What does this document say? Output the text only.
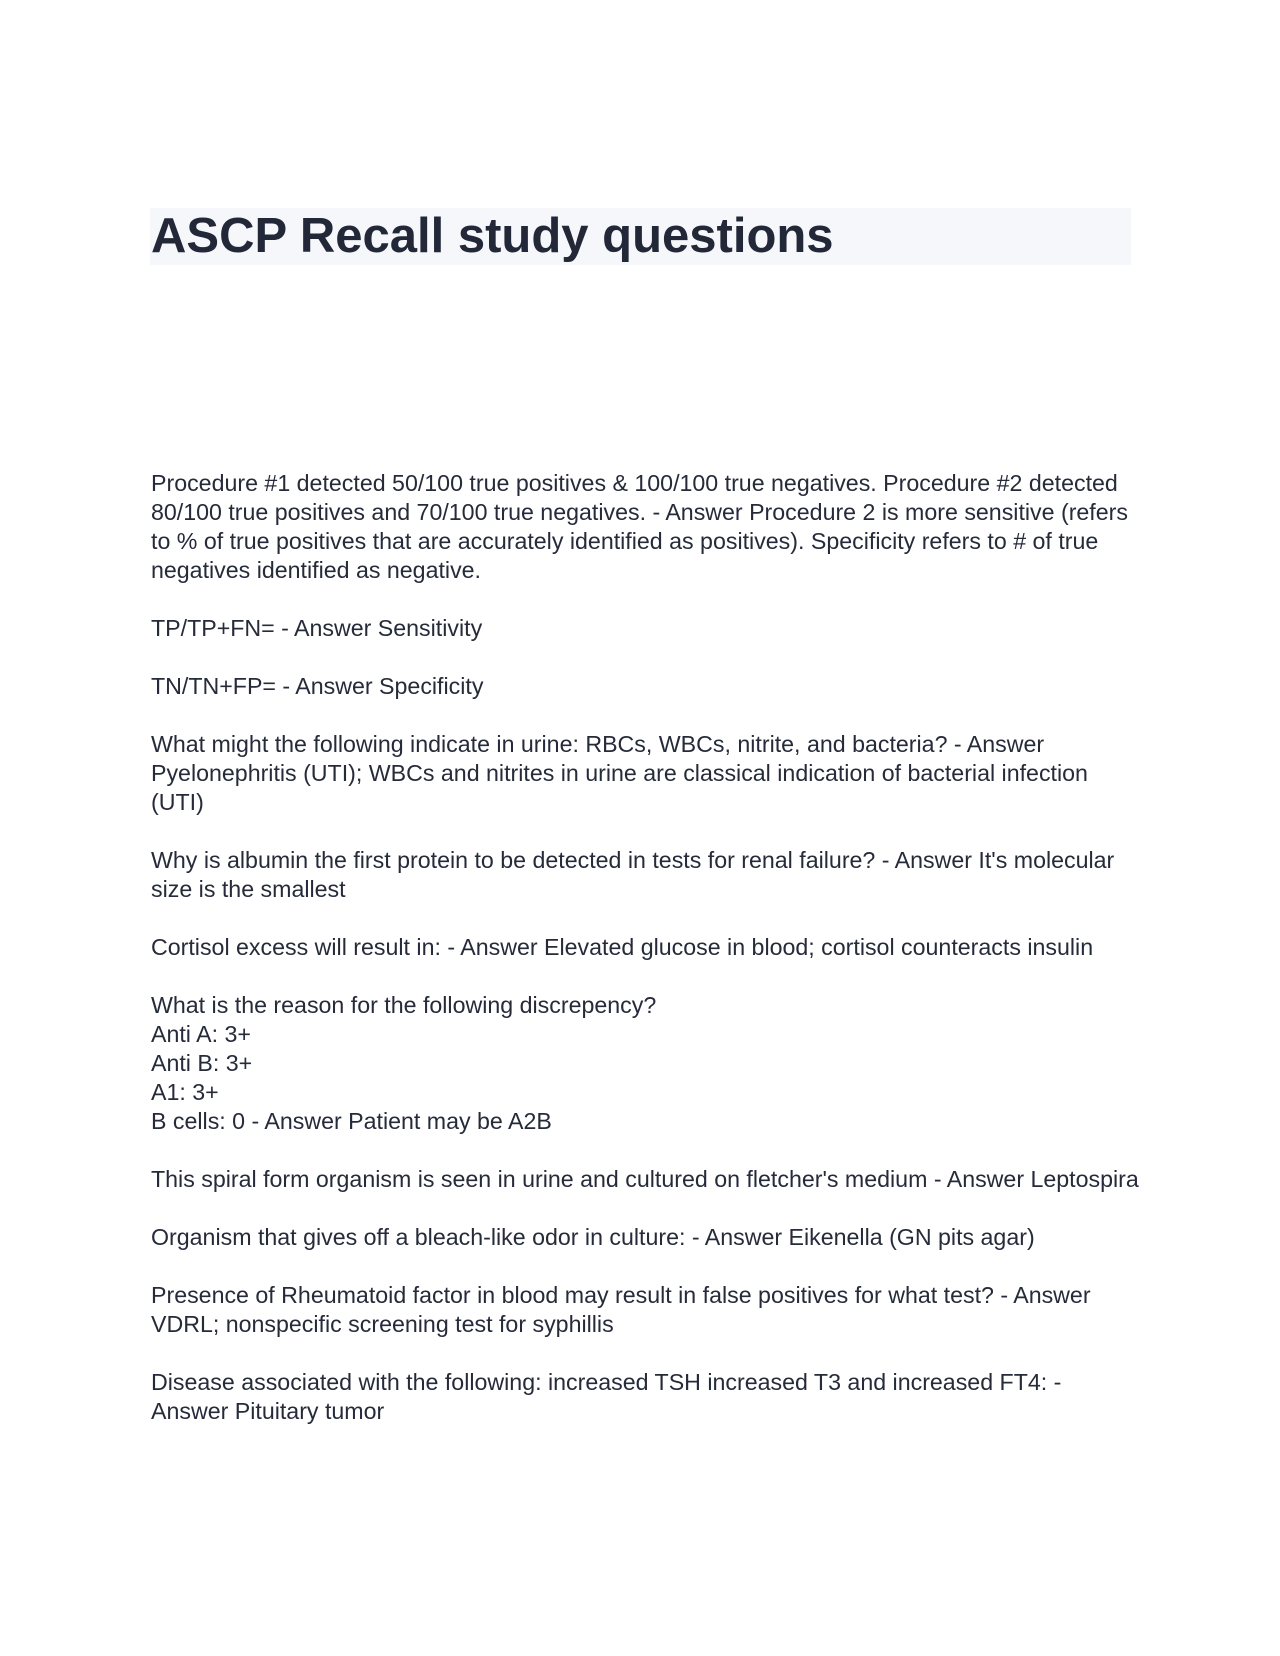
ASCP Recall study questions

Procedure #1 detected 50/100 true positives & 100/100 true negatives. Procedure #2 detected 80/100 true positives and 70/100 true negatives. - Answer Procedure 2 is more sensitive (refers to % of true positives that are accurately identified as positives). Specificity refers to # of true negatives identified as negative.

TP/TP+FN= - Answer Sensitivity

TN/TN+FP= - Answer Specificity

What might the following indicate in urine: RBCs, WBCs, nitrite, and bacteria? - Answer Pyelonephritis (UTI); WBCs and nitrites in urine are classical indication of bacterial infection (UTI)

Why is albumin the first protein to be detected in tests for renal failure? - Answer It's molecular size is the smallest

Cortisol excess will result in: - Answer Elevated glucose in blood; cortisol counteracts insulin

What is the reason for the following discrepency?
Anti A: 3+
Anti B: 3+
A1: 3+
B cells: 0 - Answer Patient may be A2B

This spiral form organism is seen in urine and cultured on fletcher's medium - Answer Leptospira

Organism that gives off a bleach-like odor in culture: - Answer Eikenella (GN pits agar)

Presence of Rheumatoid factor in blood may result in false positives for what test? - Answer VDRL; nonspecific screening test for syphillis

Disease associated with the following: increased TSH increased T3 and increased FT4: - Answer Pituitary tumor
